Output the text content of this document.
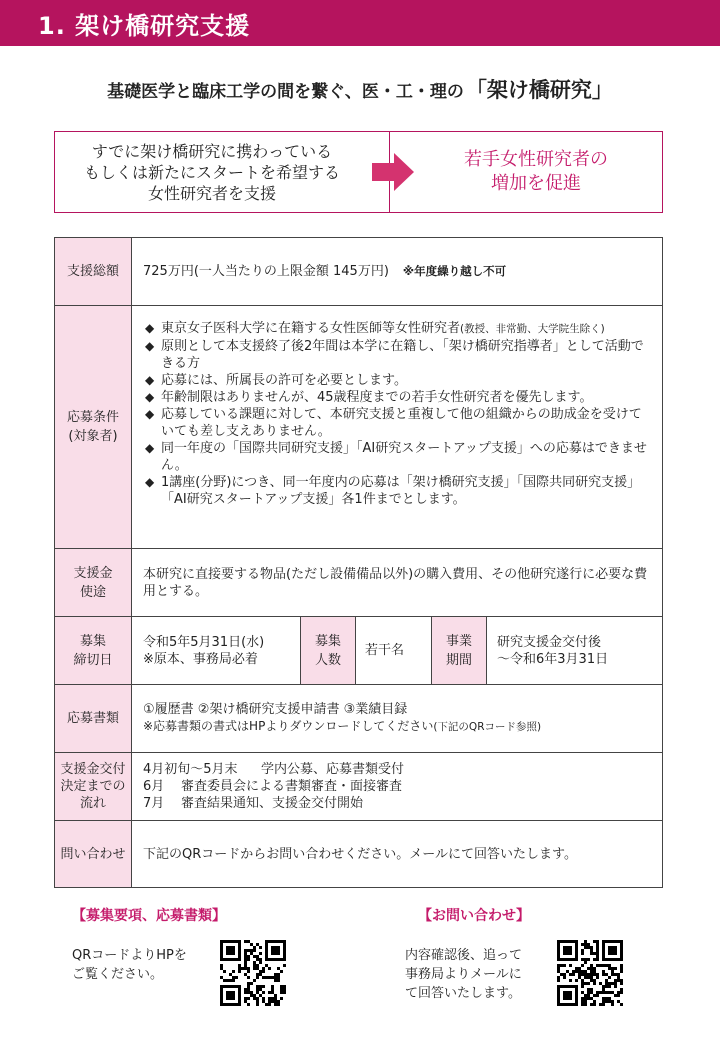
1. 架け橋研究支援
基礎医学と臨床工学の間を繋ぐ、医・工・理の「架け橋研究」
すでに架け橋研究に携わっている
もしくは新たにスタートを希望する
女性研究者を支援
若手女性研究者の
増加を促進
支援総額	725万円(一人当たりの上限金額 145万円) ※年度繰り越し不可
応募条件
(対象者)
◆ 東京女子医科大学に在籍する女性医師等女性研究者(教授、非常勤、大学院生除く)
◆ 原則として本支援終了後2年間は本学に在籍し、「架け橋研究指導者」として活動できる方
◆ 応募には、所属長の許可を必要とします。
◆ 年齢制限はありませんが、45歳程度までの若手女性研究者を優先します。
◆ 応募している課題に対して、本研究支援と重複して他の組織からの助成金を受けていても差し支えありません。
◆ 同一年度の「国際共同研究支援」「AI研究スタートアップ支援」への応募はできません。
◆ 1講座(分野)につき、同一年度内の応募は「架け橋研究支援」「国際共同研究支援」「AI研究スタートアップ支援」各1件までとします。
支援金
使途
本研究に直接要する物品(ただし設備備品以外)の購入費用、その他研究遂行に必要な費用とする。
募集
締切日
令和5年5月31日(水)
※原本、事務局必着
募集
人数
若干名
事業
期間
研究支援金交付後
〜令和6年3月31日
応募書類
①履歴書 ②架け橋研究支援申請書 ③業績目録
※応募書類の書式はHPよりダウンロードしてください(下記のQRコード参照)
支援金交付
決定までの
流れ
4月初旬〜5月末 学内公募、応募書類受付
6月 審査委員会による書類審査・面接審査
7月 審査結果通知、支援金交付開始
問い合わせ	下記のQRコードからお問い合わせください。メールにて回答いたします。
【募集要項、応募書類】
QRコードよりHPを
ご覧ください。
【お問い合わせ】
内容確認後、追って
事務局よりメールに
て回答いたします。
